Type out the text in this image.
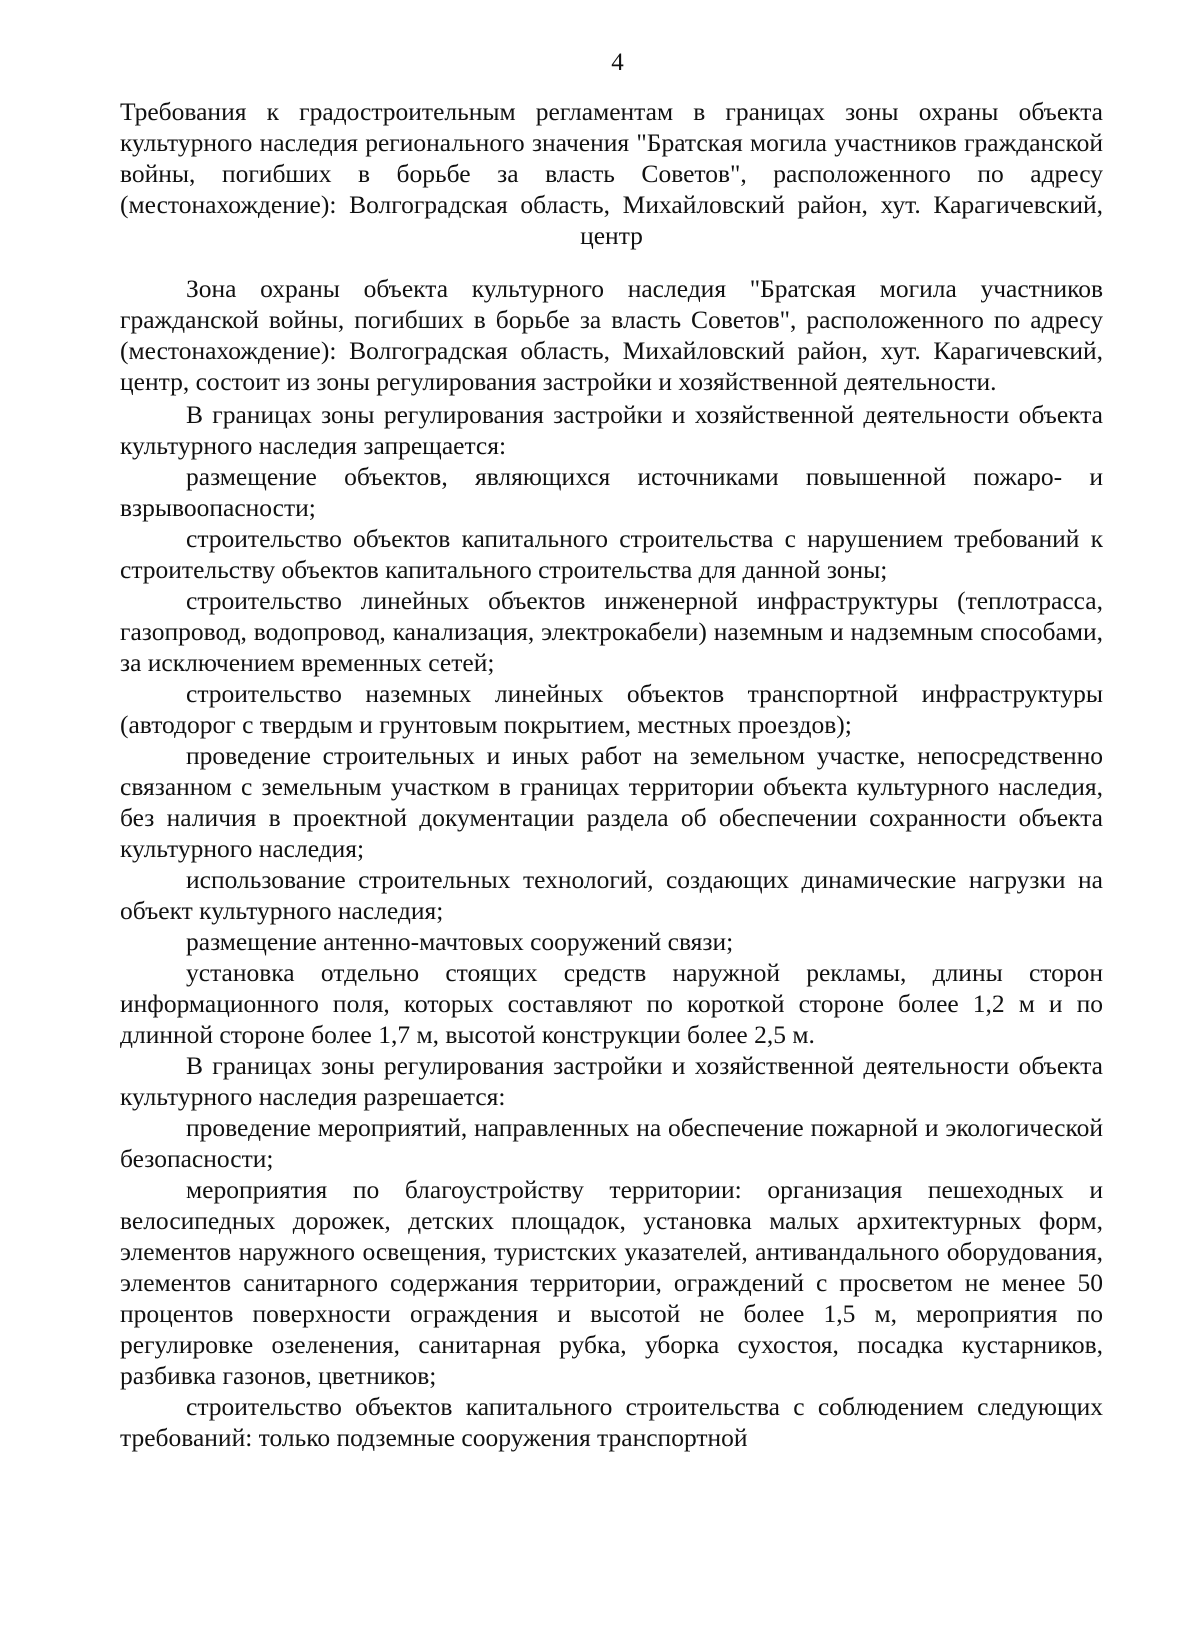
4
Требования к градостроительным регламентам в границах зоны охраны объекта культурного наследия регионального значения "Братская могила участников гражданской войны, погибших в борьбе за власть Советов", расположенного по адресу (местонахождение): Волгоградская область, Михайловский район, хут. Карагичевский, центр

Зона охраны объекта культурного наследия "Братская могила участников гражданской войны, погибших в борьбе за власть Советов", расположенного по адресу (местонахождение): Волгоградская область, Михайловский район, хут. Карагичевский, центр, состоит из зоны регулирования застройки и хозяйственной деятельности.

В границах зоны регулирования застройки и хозяйственной деятельности объекта культурного наследия запрещается:

размещение объектов, являющихся источниками повышенной пожаро- и взрывоопасности;

строительство объектов капитального строительства с нарушением требований к строительству объектов капитального строительства для данной зоны;

строительство линейных объектов инженерной инфраструктуры (теплотрасса, газопровод, водопровод, канализация, электрокабели) наземным и надземным способами, за исключением временных сетей;

строительство наземных линейных объектов транспортной инфраструктуры (автодорог с твердым и грунтовым покрытием, местных проездов);

проведение строительных и иных работ на земельном участке, непосредственно связанном с земельным участком в границах территории объекта культурного наследия, без наличия в проектной документации раздела об обеспечении сохранности объекта культурного наследия;

использование строительных технологий, создающих динамические нагрузки на объект культурного наследия;

размещение антенно-мачтовых сооружений связи;

установка отдельно стоящих средств наружной рекламы, длины сторон информационного поля, которых составляют по короткой стороне более 1,2 м и по длинной стороне более 1,7 м, высотой конструкции более 2,5 м.

В границах зоны регулирования застройки и хозяйственной деятельности объекта культурного наследия разрешается:

проведение мероприятий, направленных на обеспечение пожарной и экологической безопасности;

мероприятия по благоустройству территории: организация пешеходных и велосипедных дорожек, детских площадок, установка малых архитектурных форм, элементов наружного освещения, туристских указателей, антивандального оборудования, элементов санитарного содержания территории, ограждений с просветом не менее 50 процентов поверхности ограждения и высотой не более 1,5 м, мероприятия по регулировке озеленения, санитарная рубка, уборка сухостоя, посадка кустарников, разбивка газонов, цветников;

строительство объектов капитального строительства с соблюдением следующих требований: только подземные сооружения транспортной
